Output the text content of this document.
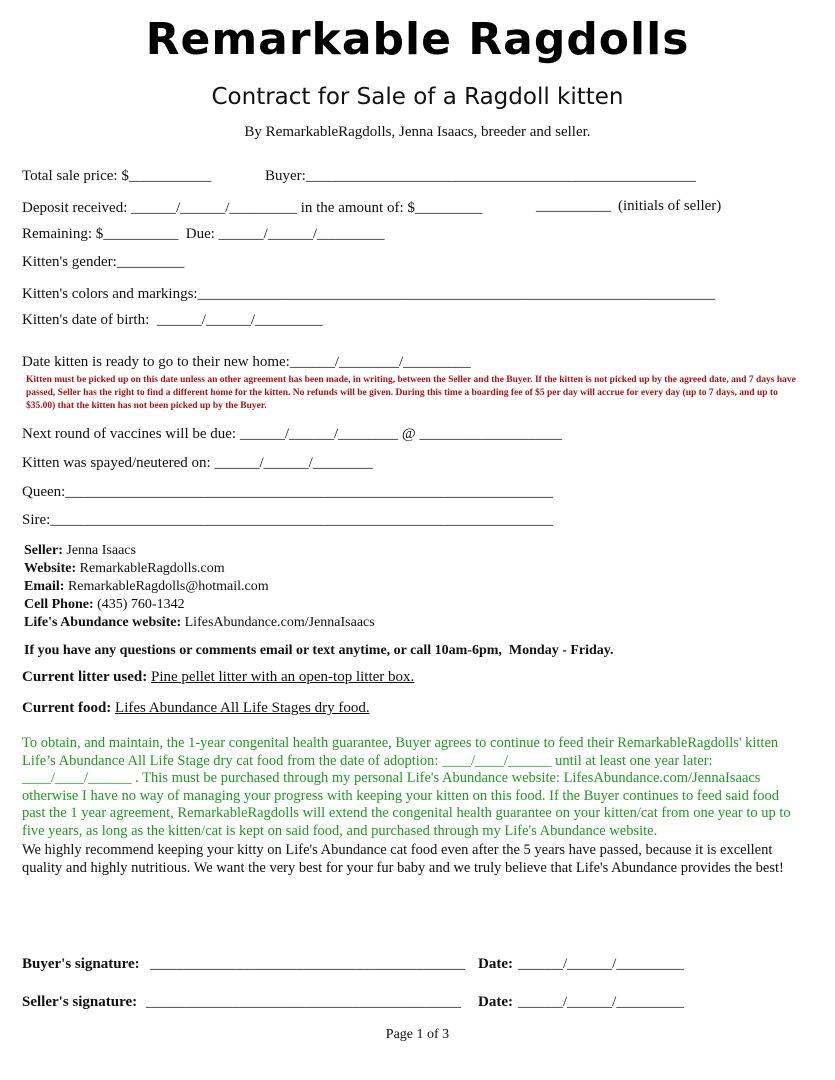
Remarkable Ragdolls
Contract for Sale of a Ragdoll kitten
By RemarkableRagdolls, Jenna Isaacs, breeder and seller.
Total sale price: $___________	Buyer:____________________________________________________
Deposit received: ______/______/_________ in the amount of: $_________	__________ (initials of seller)
Remaining: $__________  Due: ______/______/_________
Kitten's gender:_________
Kitten's colors and markings:_____________________________________________________________________
Kitten's date of birth:  ______/______/_________
Date kitten is ready to go to their new home:______/________/_________
Kitten must be picked up on this date unless an other agreement has been made, in writing, between the Seller and the Buyer. If the kitten is not picked up by the agreed date, and 7 days have passed, Seller has the right to find a different home for the kitten. No refunds will be given. During this time a boarding fee of $5 per day will accrue for every day (up to 7 days, and up to $35.00) that the kitten has not been picked up by the Buyer.
Next round of vaccines will be due: ______/______/________ @ ___________________
Kitten was spayed/neutered on: ______/______/________
Queen:_________________________________________________________________
Sire:___________________________________________________________________
Seller: Jenna Isaacs
Website: RemarkableRagdolls.com
Email: RemarkableRagdolls@hotmail.com
Cell Phone: (435) 760-1342
Life's Abundance website: LifesAbundance.com/JennaIsaacs
If you have any questions or comments email or text anytime, or call 10am-6pm,  Monday - Friday.
Current litter used: Pine pellet litter with an open-top litter box.
Current food: Lifes Abundance All Life Stages dry food.
To obtain, and maintain, the 1-year congenital health guarantee, Buyer agrees to continue to feed their RemarkableRagdolls' kitten Life’s Abundance All Life Stage dry cat food from the date of adoption: ____/____/______ until at least one year later: ____/____/______ . This must be purchased through my personal Life's Abundance website: LifesAbundance.com/JennaIsaacs otherwise I have no way of managing your progress with keeping your kitten on this food. If the Buyer continues to feed said food past the 1 year agreement, RemarkableRagdolls will extend the congenital health guarantee on your kitten/cat from one year to up to five years, as long as the kitten/cat is kept on said food, and purchased through my Life's Abundance website.
We highly recommend keeping your kitty on Life's Abundance cat food even after the 5 years have passed, because it is excellent quality and highly nutritious. We want the very best for your fur baby and we truly believe that Life's Abundance provides the best!
Buyer's signature: __________________________________________ Date: ______/______/_________
Seller's signature: __________________________________________ Date: ______/______/_________
Page 1 of 3
